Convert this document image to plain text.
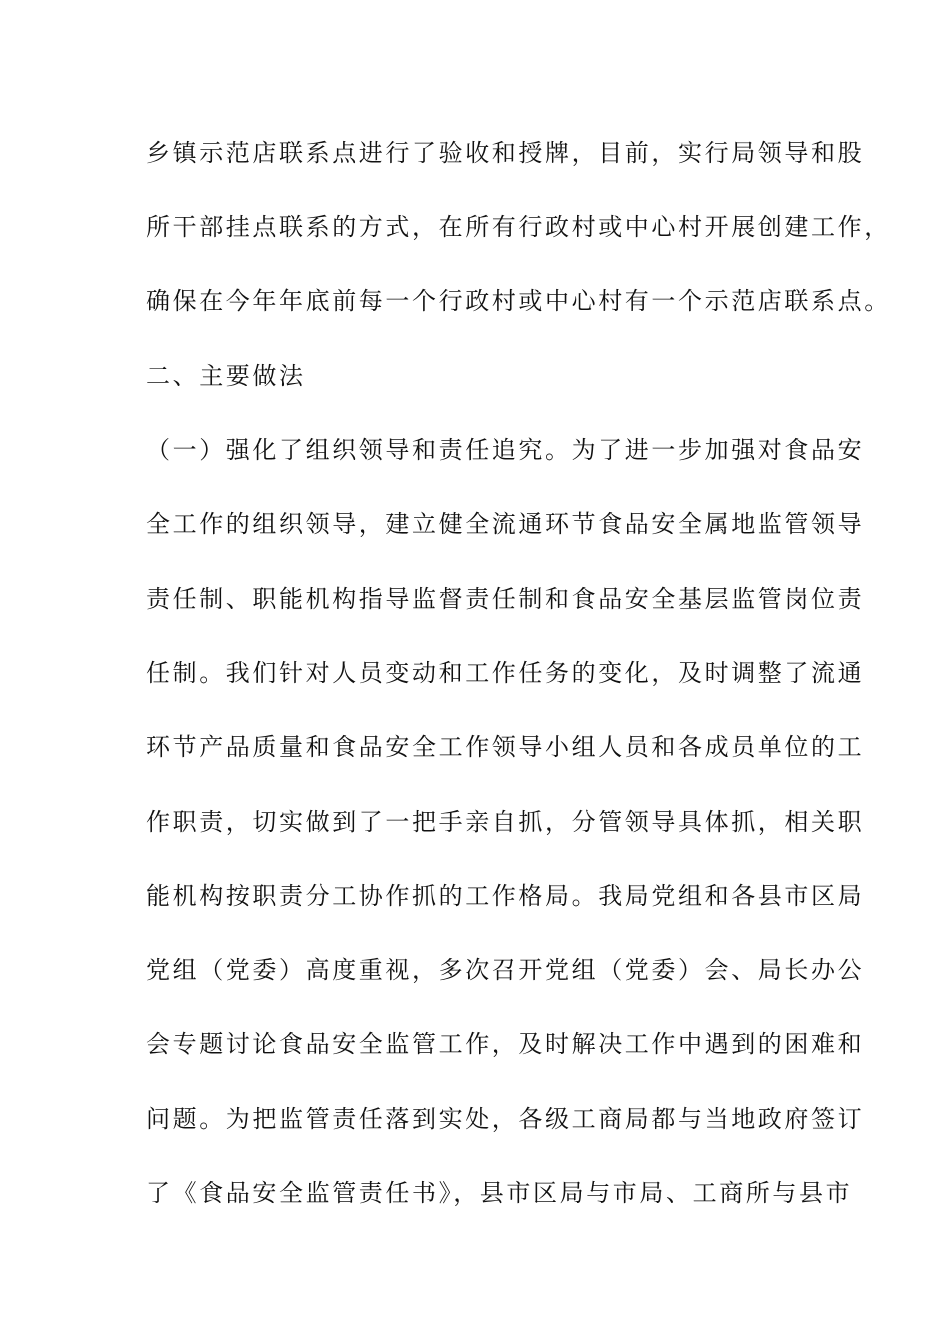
乡镇示范店联系点进行了验收和授牌，目前，实行局领导和股
所干部挂点联系的方式，在所有行政村或中心村开展创建工作，
确保在今年年底前每一个行政村或中心村有一个示范店联系点。
二、主要做法
（一）强化了组织领导和责任追究。为了进一步加强对食品安
全工作的组织领导，建立健全流通环节食品安全属地监管领导
责任制、职能机构指导监督责任制和食品安全基层监管岗位责
任制。我们针对人员变动和工作任务的变化，及时调整了流通
环节产品质量和食品安全工作领导小组人员和各成员单位的工
作职责，切实做到了一把手亲自抓，分管领导具体抓，相关职
能机构按职责分工协作抓的工作格局。我局党组和各县市区局
党组（党委）高度重视，多次召开党组（党委）会、局长办公
会专题讨论食品安全监管工作，及时解决工作中遇到的困难和
问题。为把监管责任落到实处，各级工商局都与当地政府签订
了《食品安全监管责任书》，县市区局与市局、工商所与县市
